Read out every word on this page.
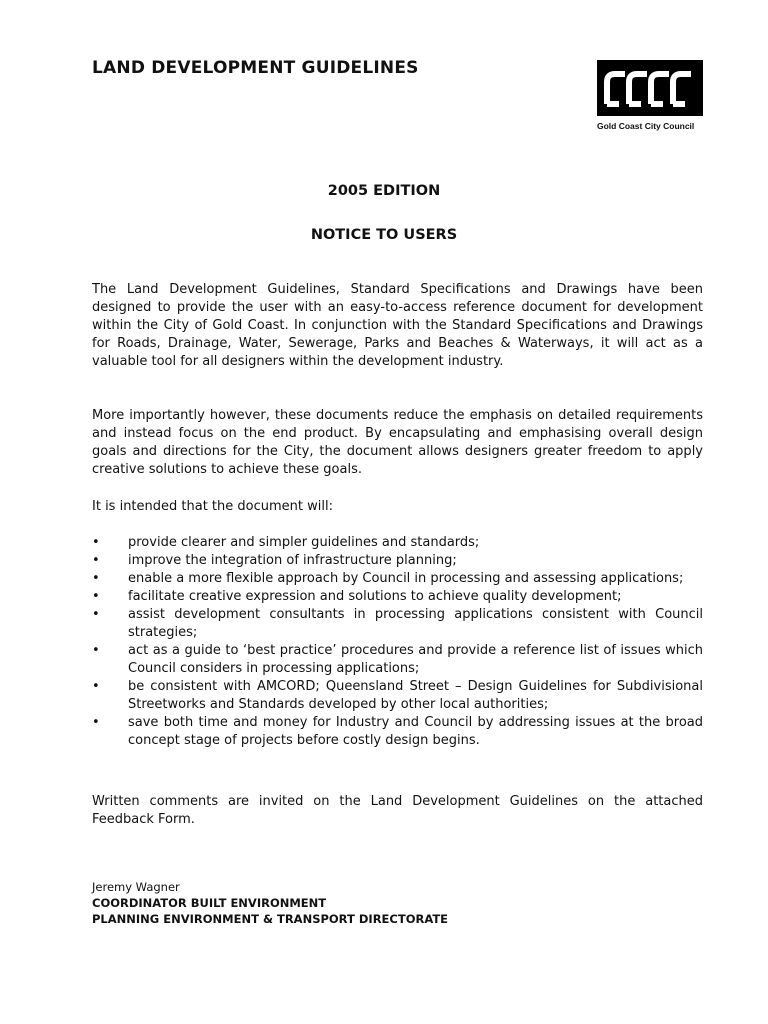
LAND DEVELOPMENT GUIDELINES
Gold Coast City Council
2005 EDITION
NOTICE TO USERS

The Land Development Guidelines, Standard Specifications and Drawings have been designed to provide the user with an easy-to-access reference document for development within the City of Gold Coast. In conjunction with the Standard Specifications and Drawings for Roads, Drainage, Water, Sewerage, Parks and Beaches & Waterways, it will act as a valuable tool for all designers within the development industry.

More importantly however, these documents reduce the emphasis on detailed requirements and instead focus on the end product. By encapsulating and emphasising overall design goals and directions for the City, the document allows designers greater freedom to apply creative solutions to achieve these goals.

It is intended that the document will:

• provide clearer and simpler guidelines and standards;
• improve the integration of infrastructure planning;
• enable a more flexible approach by Council in processing and assessing applications;
• facilitate creative expression and solutions to achieve quality development;
• assist development consultants in processing applications consistent with Council strategies;
• act as a guide to ‘best practice’ procedures and provide a reference list of issues which Council considers in processing applications;
• be consistent with AMCORD; Queensland Street – Design Guidelines for Subdivisional Streetworks and Standards developed by other local authorities;
• save both time and money for Industry and Council by addressing issues at the broad concept stage of projects before costly design begins.

Written comments are invited on the Land Development Guidelines on the attached Feedback Form.

Jeremy Wagner
COORDINATOR BUILT ENVIRONMENT
PLANNING ENVIRONMENT & TRANSPORT DIRECTORATE
